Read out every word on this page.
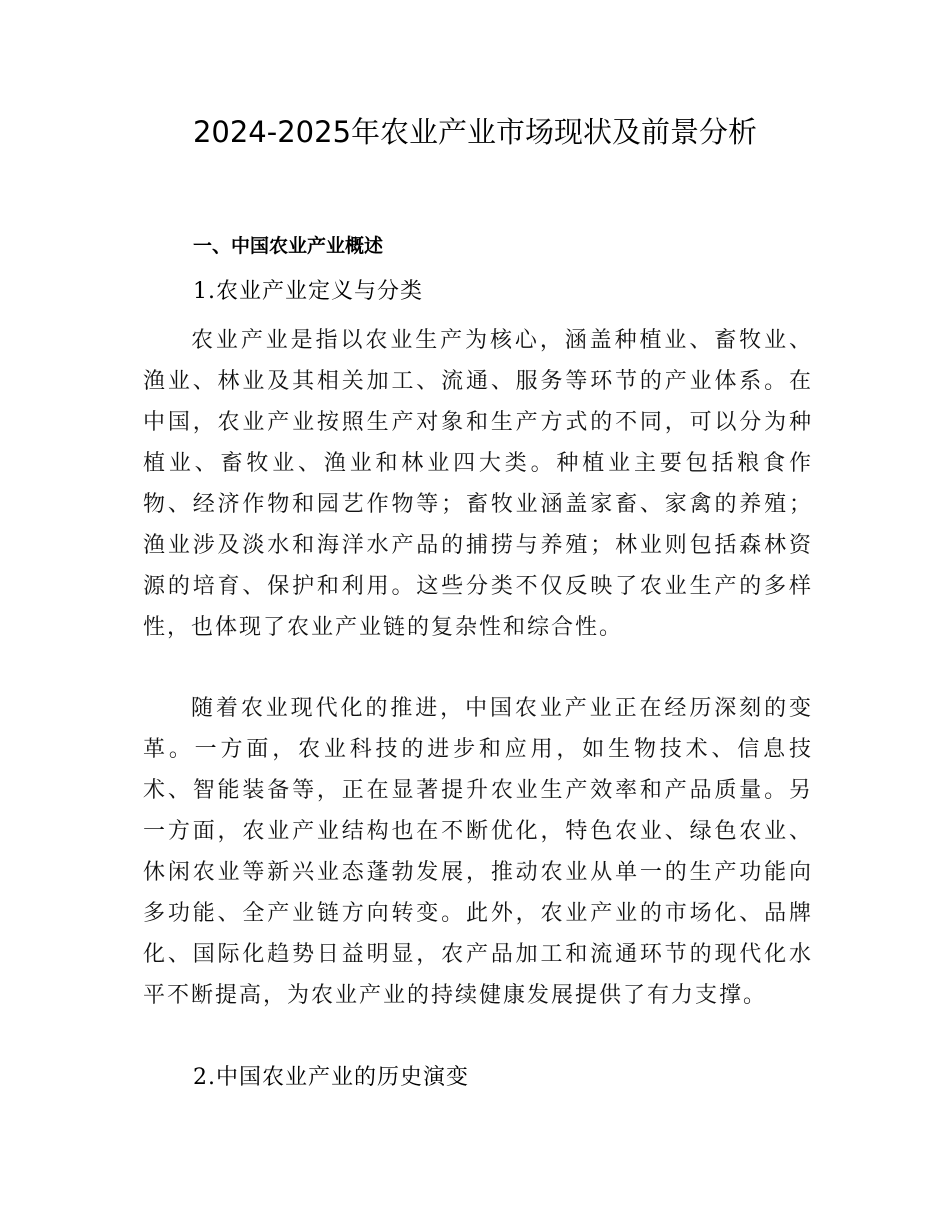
2024-2025年农业产业市场现状及前景分析
一、中国农业产业概述
1.农业产业定义与分类

农业产业是指以农业生产为核心，涵盖种植业、畜牧业、渔业、林业及其相关加工、流通、服务等环节的产业体系。在中国，农业产业按照生产对象和生产方式的不同，可以分为种植业、畜牧业、渔业和林业四大类。种植业主要包括粮食作物、经济作物和园艺作物等；畜牧业涵盖家畜、家禽的养殖；渔业涉及淡水和海洋水产品的捕捞与养殖；林业则包括森林资源的培育、保护和利用。这些分类不仅反映了农业生产的多样性，也体现了农业产业链的复杂性和综合性。

随着农业现代化的推进，中国农业产业正在经历深刻的变革。一方面，农业科技的进步和应用，如生物技术、信息技术、智能装备等，正在显著提升农业生产效率和产品质量。另一方面，农业产业结构也在不断优化，特色农业、绿色农业、休闲农业等新兴业态蓬勃发展，推动农业从单一的生产功能向多功能、全产业链方向转变。此外，农业产业的市场化、品牌化、国际化趋势日益明显，农产品加工和流通环节的现代化水平不断提高，为农业产业的持续健康发展提供了有力支撑。

2.中国农业产业的历史演变
